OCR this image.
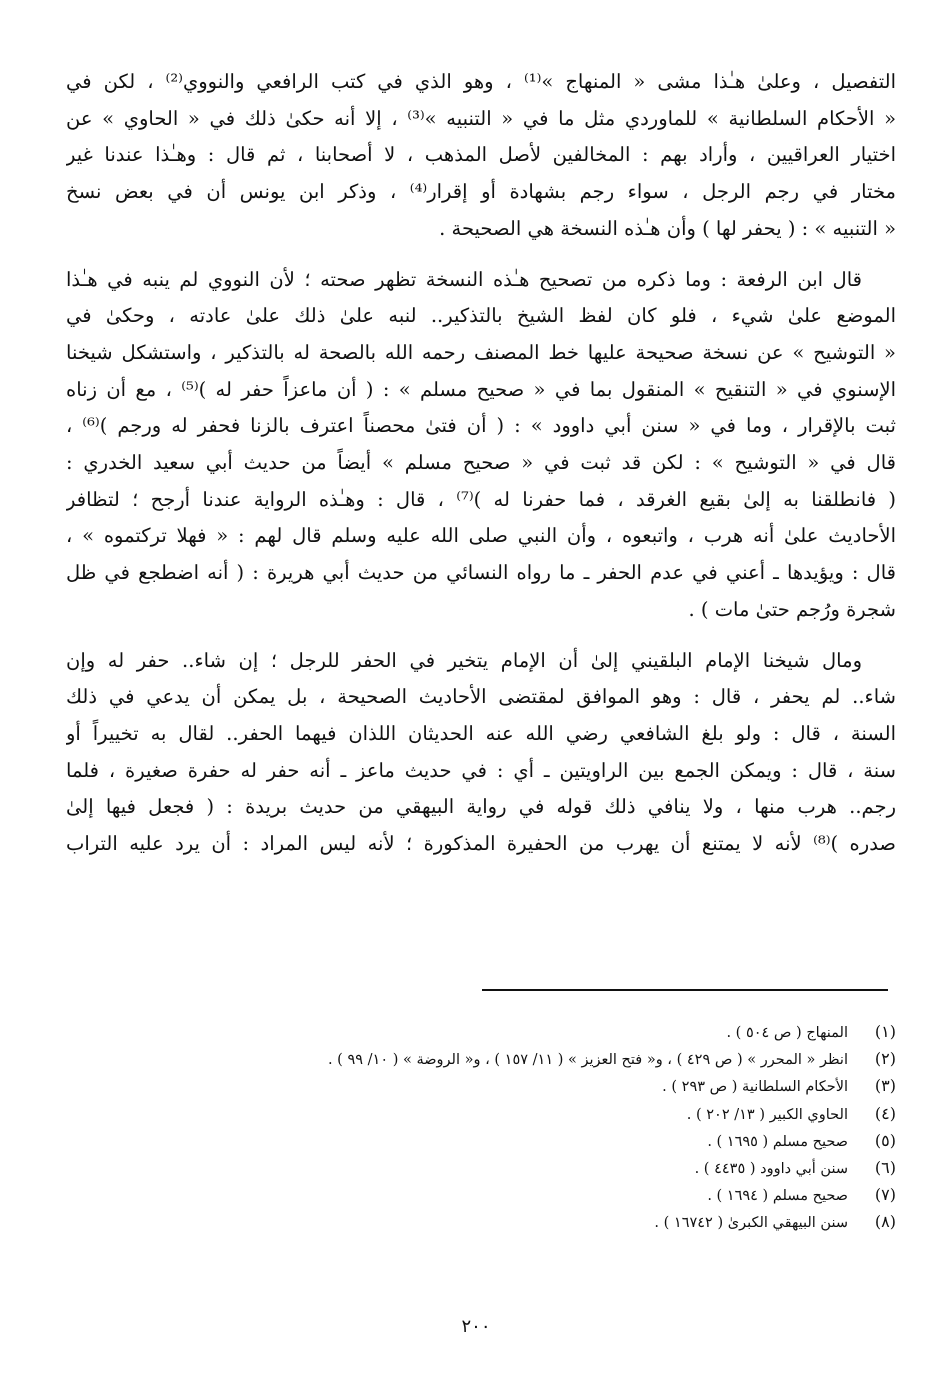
التفصيل ، وعلىٰ هـٰذا مشى « المنهاج »⁽¹⁾ ، وهو الذي في كتب الرافعي والنووي⁽²⁾ ، لكن في
« الأحكام السلطانية » للماوردي مثل ما في « التنبيه »⁽³⁾ ، إلا أنه حكىٰ ذلك في « الحاوي » عن
اختيار العراقيين ، وأراد بهم : المخالفين لأصل المذهب ، لا أصحابنا ، ثم قال : وهـٰذا عندنا غير
مختار في رجم الرجل ، سواء رجم بشهادة أو إقرار⁽⁴⁾ ، وذكر ابن يونس أن في بعض نسخ
« التنبيه » : ( يحفر لها ) وأن هـٰذه النسخة هي الصحيحة .
قال ابن الرفعة : وما ذكره من تصحيح هـٰذه النسخة تظهر صحته ؛ لأن النووي لم ينبه في هـٰذا
الموضع علىٰ شيء ، فلو كان لفظ الشيخ بالتذكير.. لنبه علىٰ ذلك علىٰ عادته ، وحكىٰ في
« التوشيح » عن نسخة صحيحة عليها خط المصنف رحمه الله بالصحة له بالتذكير ، واستشكل شيخنا
الإسنوي في « التنقيح » المنقول بما في « صحيح مسلم » : ( أن ماعزاً حفر له )⁽⁵⁾ ، مع أن زناه
ثبت بالإقرار ، وما في « سنن أبي داوود » : ( أن فتىٰ محصناً اعترف بالزنا فحفر له ورجم )⁽⁶⁾ ،
قال في « التوشيح » : لكن قد ثبت في « صحيح مسلم » أيضاً من حديث أبي سعيد الخدري :
( فانطلقنا به إلىٰ بقيع الغرقد ، فما حفرنا له )⁽⁷⁾ ، قال : وهـٰذه الرواية عندنا أرجح ؛ لتظافر
الأحاديث علىٰ أنه هرب ، واتبعوه ، وأن النبي صلى الله عليه وسلم قال لهم : « فهلا تركتموه » ،
قال : ويؤيدها ـ أعني في عدم الحفر ـ ما رواه النسائي من حديث أبي هريرة : ( أنه اضطجع في ظل
شجرة ورُجم حتىٰ مات ) .
ومال شيخنا الإمام البلقيني إلىٰ أن الإمام يتخير في الحفر للرجل ؛ إن شاء.. حفر له وإن
شاء.. لم يحفر ، قال : وهو الموافق لمقتضى الأحاديث الصحيحة ، بل يمكن أن يدعي في ذلك
السنة ، قال : ولو بلغ الشافعي رضي الله عنه الحديثان اللذان فيهما الحفر.. لقال به تخييراً أو
سنة ، قال : ويمكن الجمع بين الراويتين ـ أي : في حديث ماعز ـ أنه حفر له حفرة صغيرة ، فلما
رجم.. هرب منها ، ولا ينافي ذلك قوله في رواية البيهقي من حديث بريدة : ( فجعل فيها إلىٰ
صدره )⁽⁸⁾ لأنه لا يمتنع أن يهرب من الحفيرة المذكورة ؛ لأنه ليس المراد : أن يرد عليه التراب
(١)
المنهاج ( ص ٥٠٤ ) .
(٢)
انظر « المحرر » ( ص ٤٢٩ ) ، و« فتح العزيز » ( ١١/ ١٥٧ ) ، و« الروضة » ( ١٠/ ٩٩ ) .
(٣)
الأحكام السلطانية ( ص ٢٩٣ ) .
(٤)
الحاوي الكبير ( ١٣/ ٢٠٢ ) .
(٥)
صحيح مسلم ( ١٦٩٥ ) .
(٦)
سنن أبي داوود ( ٤٤٣٥ ) .
(٧)
صحيح مسلم ( ١٦٩٤ ) .
(٨)
سنن البيهقي الكبرىٰ ( ١٦٧٤٢ ) .
٢٠٠
